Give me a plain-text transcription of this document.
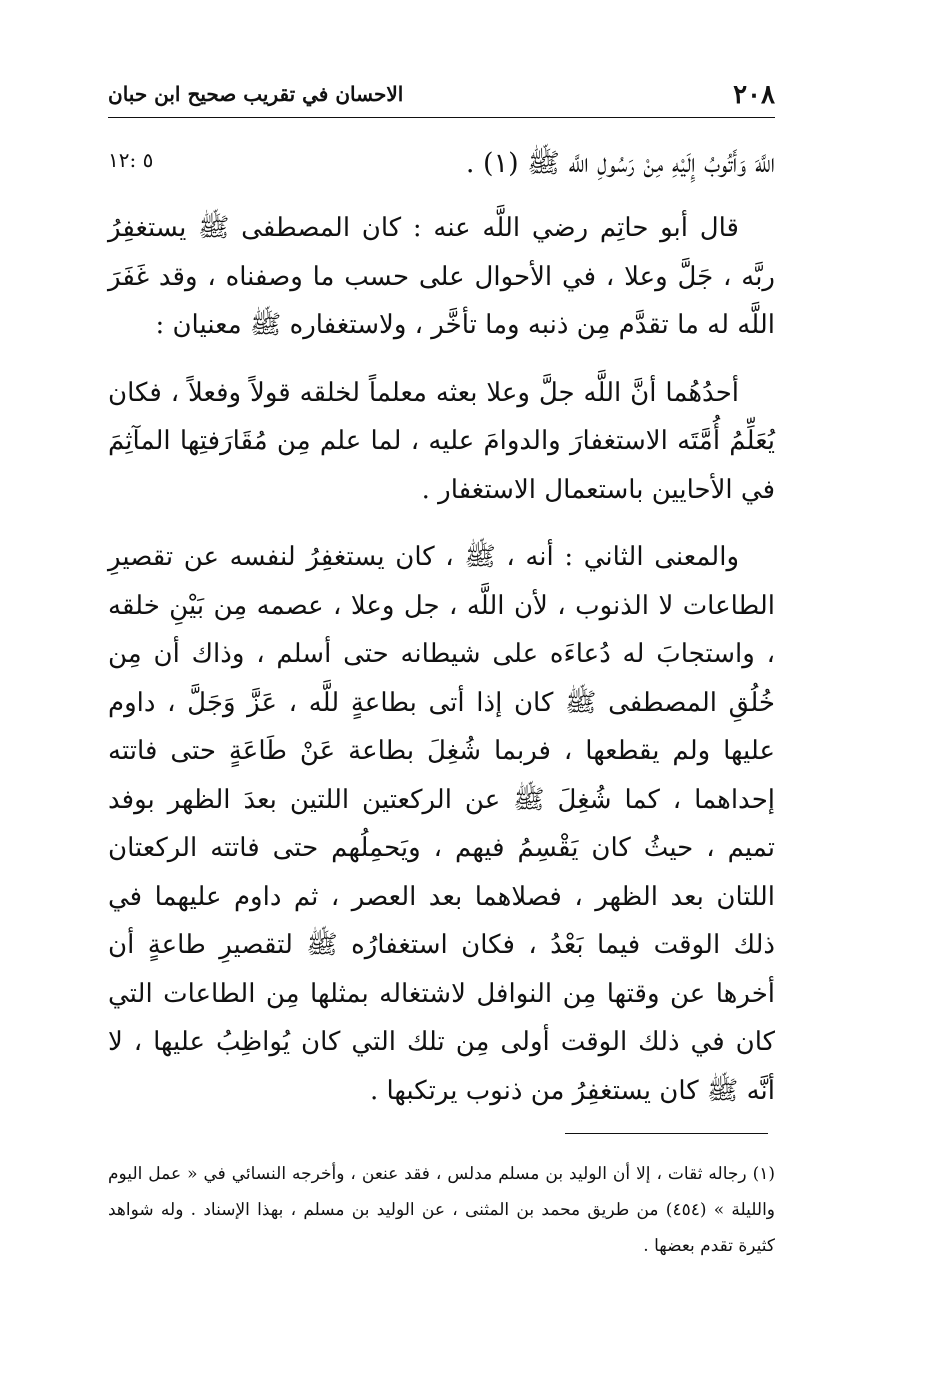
٢٠٨
الاحسان في تقريب صحيح ابن حبان
اللَّهَ وَأَتُوبُ إِلَيْهِ مِنْ رَسُولِ اللَّه ﷺ (١) .
٥ :١٢

قال أبو حاتِم رضي اللَّه عنه : كان المصطفى ﷺ يستغفِرُ ربَّه ، جَلَّ وعلا ، في الأحوال على حسب ما وصفناه ، وقد غَفَرَ اللَّه له ما تقدَّم مِن ذنبه وما تأخَّر ، ولاستغفاره ﷺ معنيان :

أحدُهُما أنَّ اللَّه جلَّ وعلا بعثه معلماً لخلقه قولاً وفعلاً ، فكان يُعَلِّمُ أُمَّتَه الاستغفارَ والدوامَ عليه ، لما علم مِن مُقَارَفتِها المآثِمَ في الأحايين باستعمال الاستغفار .

والمعنى الثاني : أنه ، ﷺ ، كان يستغفِرُ لنفسه عن تقصيرِ الطاعات لا الذنوب ، لأن اللَّه ، جل وعلا ، عصمه مِن بَيْنِ خلقه ، واستجابَ له دُعاءَه على شيطانه حتى أسلم ، وذاك أن مِن خُلُقِ المصطفى ﷺ كان إذا أتى بطاعةٍ للَّه ، عَزَّ وَجَلَّ ، داوم عليها ولم يقطعها ، فربما شُغِلَ بطاعة عَنْ طَاعَةٍ حتى فاتته إحداهما ، كما شُغِلَ ﷺ عن الركعتين اللتين بعدَ الظهر بوفد تميم ، حيثُ كان يَقْسِمُ فيهم ، ويَحمِلُهم حتى فاتته الركعتان اللتان بعد الظهر ، فصلاهما بعد العصر ، ثم داوم عليهما في ذلك الوقت فيما بَعْدُ ، فكان استغفارُه ﷺ لتقصيرِ طاعةٍ أن أخرها عن وقتها مِن النوافل لاشتغاله بمثلها مِن الطاعات التي كان في ذلك الوقت أولى مِن تلك التي كان يُواظِبُ عليها ، لا أنَّه ﷺ كان يستغفِرُ من ذنوب يرتكبها .

(١) رجاله ثقات ، إلا أن الوليد بن مسلم مدلس ، فقد عنعن ، وأخرجه النسائي في « عمل اليوم والليلة » (٤٥٤) من طريق محمد بن المثنى ، عن الوليد بن مسلم ، بهذا الإسناد . وله شواهد كثيرة تقدم بعضها .
